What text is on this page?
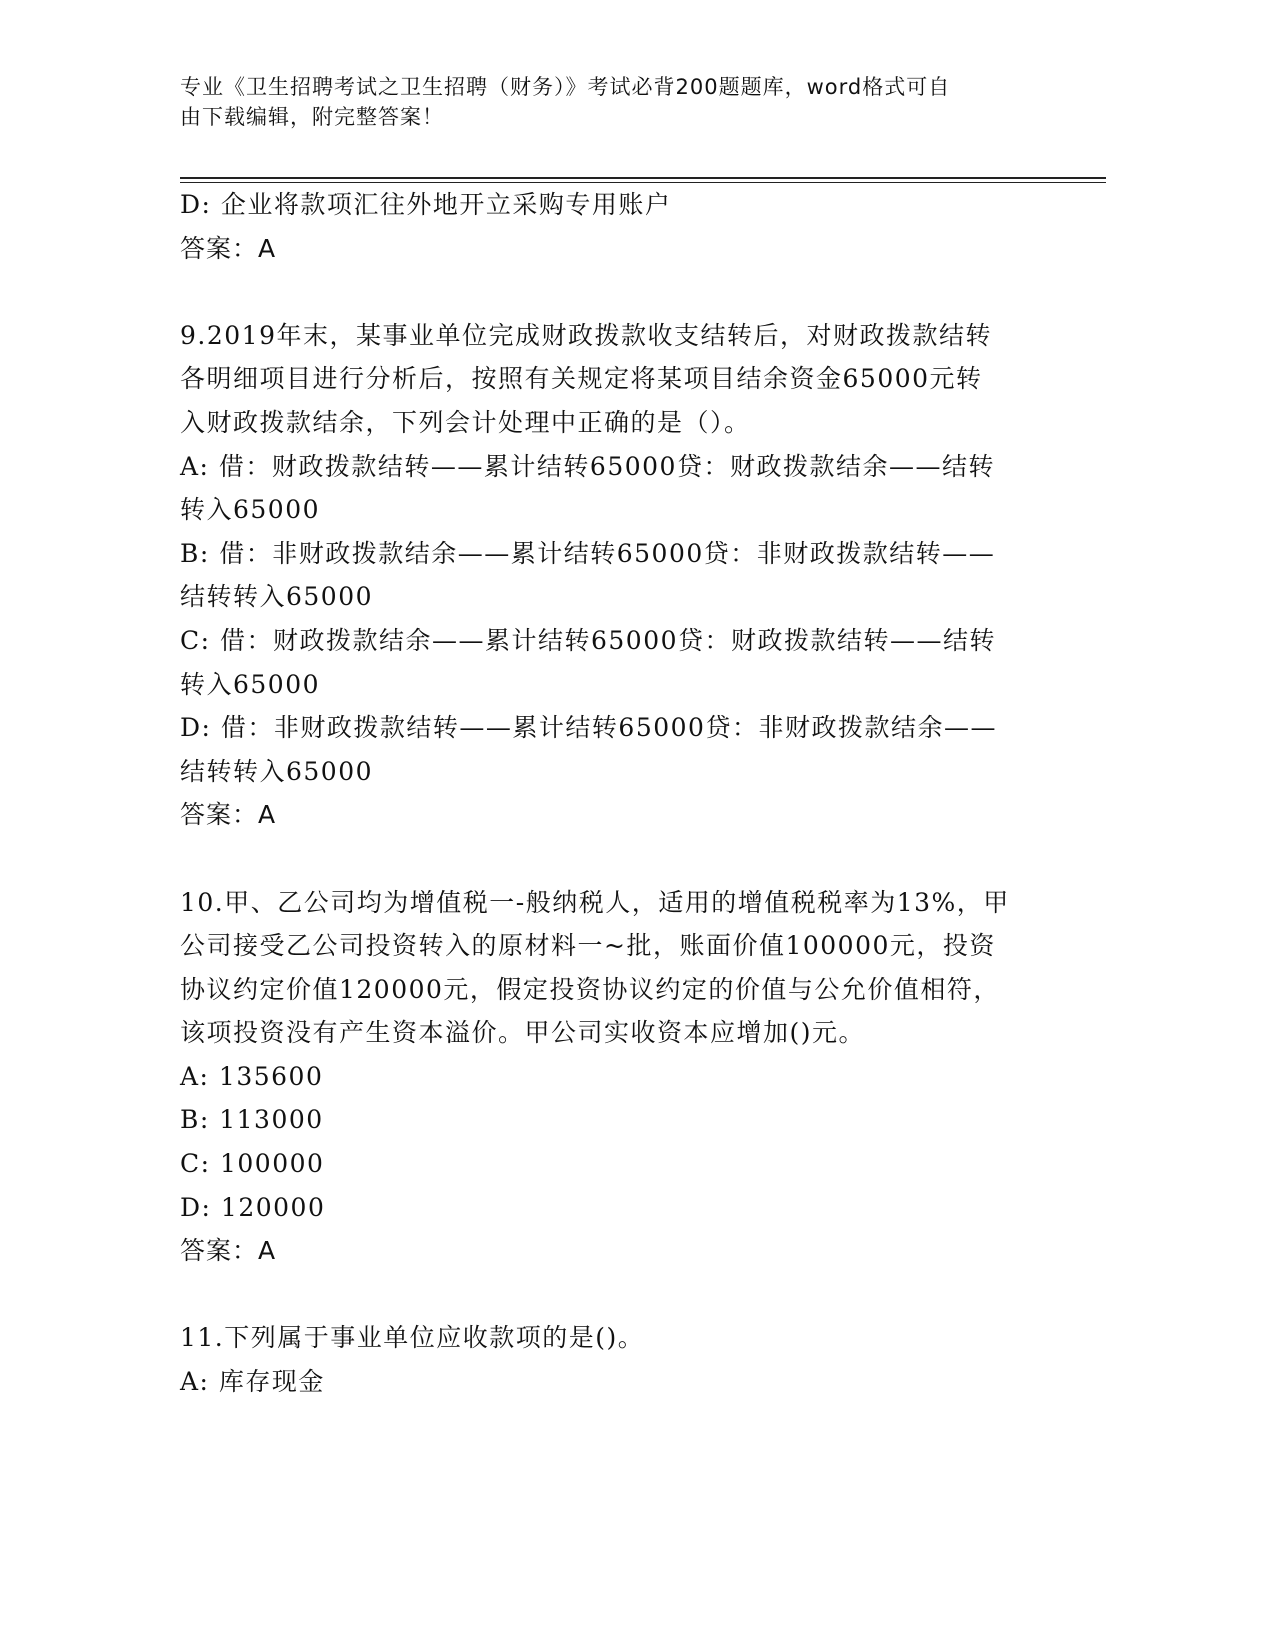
专业《卫生招聘考试之卫生招聘（财务）》考试必背200题题库，word格式可自
由下载编辑，附完整答案！
D: 企业将款项汇往外地开立采购专用账户
答案：A
9.2019年末，某事业单位完成财政拨款收支结转后，对财政拨款结转
各明细项目进行分析后，按照有关规定将某项目结余资金65000元转
入财政拨款结余，下列会计处理中正确的是（）。
A: 借：财政拨款结转——累计结转65000贷：财政拨款结余——结转
转入65000
B: 借：非财政拨款结余——累计结转65000贷：非财政拨款结转——
结转转入65000
C: 借：财政拨款结余——累计结转65000贷：财政拨款结转——结转
转入65000
D: 借：非财政拨款结转——累计结转65000贷：非财政拨款结余——
结转转入65000
答案：A
10.甲、乙公司均为增值税一-般纳税人，适用的增值税税率为13%，甲
公司接受乙公司投资转入的原材料一~批，账面价值100000元，投资
协议约定价值120000元，假定投资协议约定的价值与公允价值相符，
该项投资没有产生资本溢价。甲公司实收资本应增加()元。
A: 135600
B: 113000
C: 100000
D: 120000
答案：A
11.下列属于事业单位应收款项的是()。
A: 库存现金
